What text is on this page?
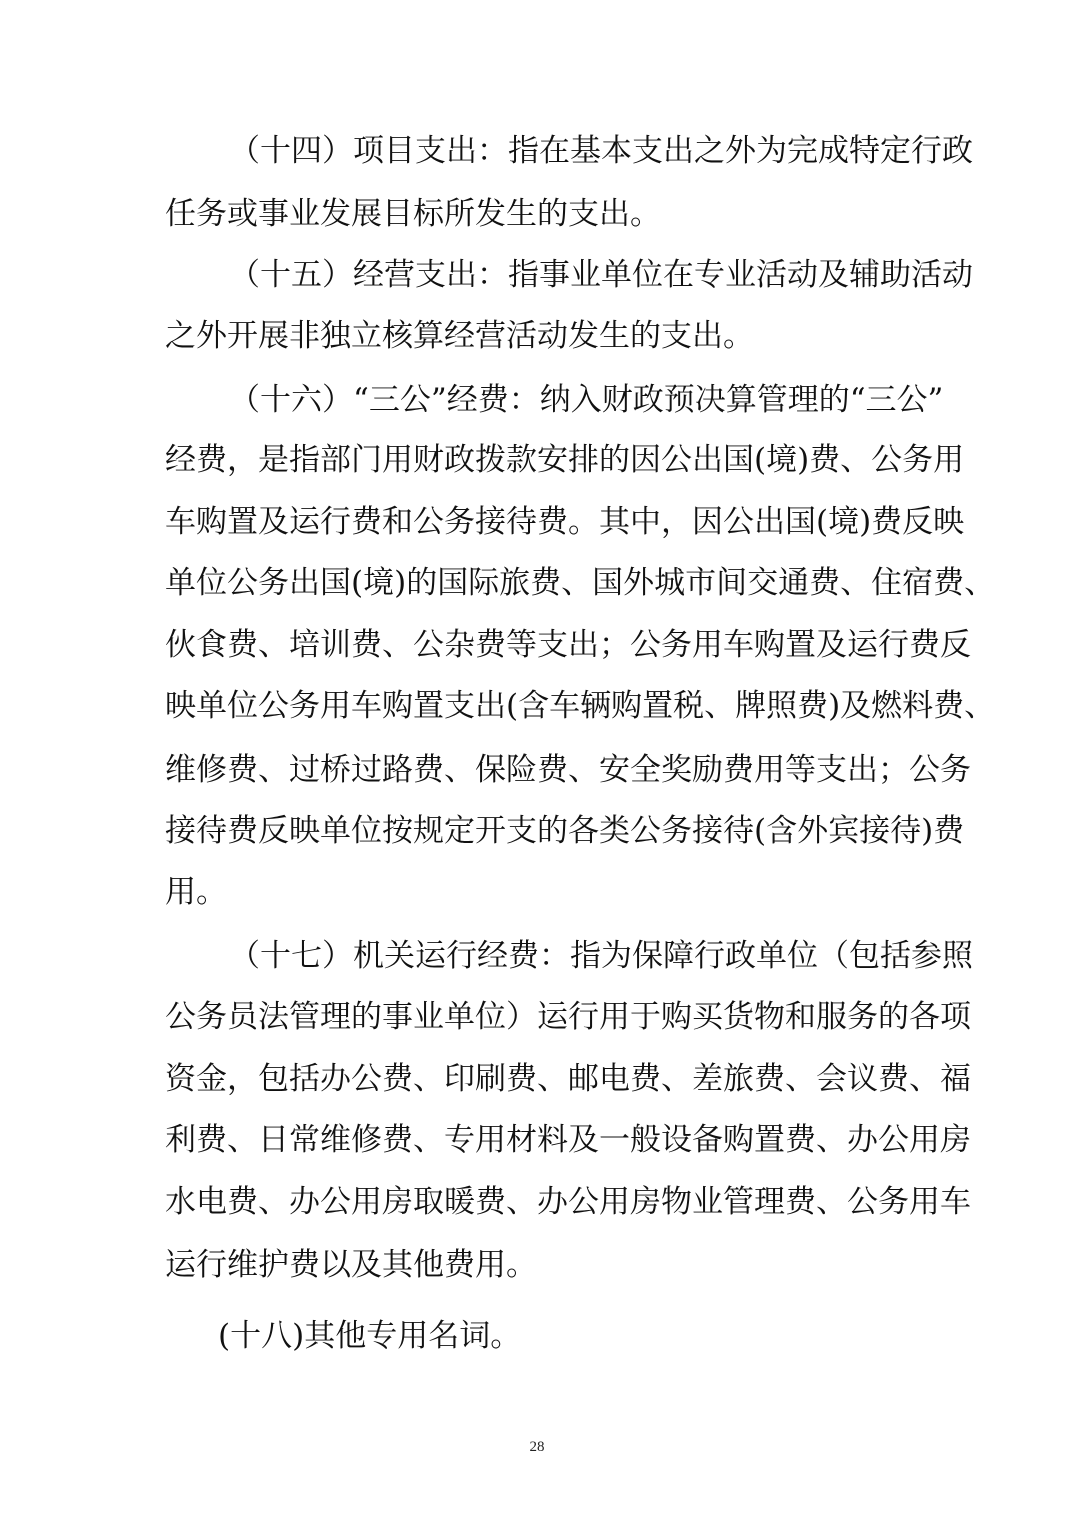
（十四）项目支出：指在基本支出之外为完成特定行政
任务或事业发展目标所发生的支出。
（十五）经营支出：指事业单位在专业活动及辅助活动
之外开展非独立核算经营活动发生的支出。
（十六）“三公”经费：纳入财政预决算管理的“三公”
经费，是指部门用财政拨款安排的因公出国(境)费、公务用
车购置及运行费和公务接待费。其中，因公出国(境)费反映
单位公务出国(境)的国际旅费、国外城市间交通费、住宿费、
伙食费、培训费、公杂费等支出；公务用车购置及运行费反
映单位公务用车购置支出(含车辆购置税、牌照费)及燃料费、
维修费、过桥过路费、保险费、安全奖励费用等支出；公务
接待费反映单位按规定开支的各类公务接待(含外宾接待)费
用。
（十七）机关运行经费：指为保障行政单位（包括参照
公务员法管理的事业单位）运行用于购买货物和服务的各项
资金，包括办公费、印刷费、邮电费、差旅费、会议费、福
利费、日常维修费、专用材料及一般设备购置费、办公用房
水电费、办公用房取暖费、办公用房物业管理费、公务用车
运行维护费以及其他费用。
(十八)其他专用名词。
28
